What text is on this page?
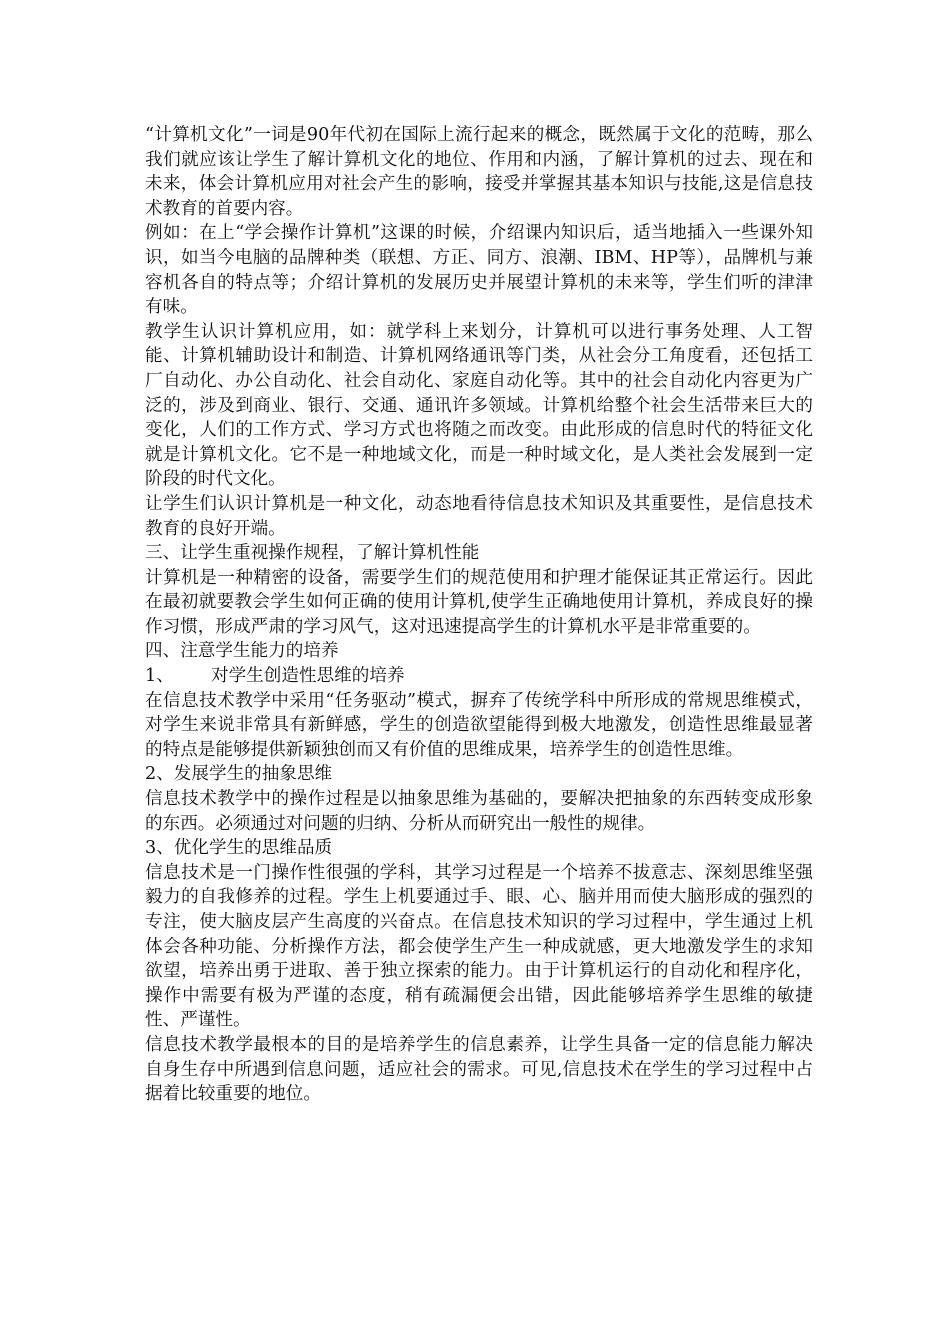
“计算机文化”一词是90年代初在国际上流行起来的概念，既然属于文化的范畴，那么我们就应该让学生了解计算机文化的地位、作用和内涵，了解计算机的过去、现在和未来，体会计算机应用对社会产生的影响，接受并掌握其基本知识与技能,这是信息技术教育的首要内容。

例如：在上“学会操作计算机”这课的时候，介绍课内知识后，适当地插入一些课外知识，如当今电脑的品牌种类（联想、方正、同方、浪潮、IBM、HP等），品牌机与兼容机各自的特点等；介绍计算机的发展历史并展望计算机的未来等，学生们听的津津有味。

教学生认识计算机应用，如：就学科上来划分，计算机可以进行事务处理、人工智能、计算机辅助设计和制造、计算机网络通讯等门类，从社会分工角度看，还包括工厂自动化、办公自动化、社会自动化、家庭自动化等。其中的社会自动化内容更为广泛的，涉及到商业、银行、交通、通讯许多领域。计算机给整个社会生活带来巨大的变化，人们的工作方式、学习方式也将随之而改变。由此形成的信息时代的特征文化就是计算机文化。它不是一种地域文化，而是一种时域文化，是人类社会发展到一定阶段的时代文化。

让学生们认识计算机是一种文化，动态地看待信息技术知识及其重要性，是信息技术教育的良好开端。

三、让学生重视操作规程，了解计算机性能

计算机是一种精密的设备，需要学生们的规范使用和护理才能保证其正常运行。因此在最初就要教会学生如何正确的使用计算机,使学生正确地使用计算机，养成良好的操作习惯，形成严肃的学习风气，这对迅速提高学生的计算机水平是非常重要的。

四、注意学生能力的培养

1、 对学生创造性思维的培养

在信息技术教学中采用“任务驱动”模式，摒弃了传统学科中所形成的常规思维模式，对学生来说非常具有新鲜感，学生的创造欲望能得到极大地激发，创造性思维最显著的特点是能够提供新颖独创而又有价值的思维成果，培养学生的创造性思维。

2、发展学生的抽象思维

信息技术教学中的操作过程是以抽象思维为基础的，要解决把抽象的东西转变成形象的东西。必须通过对问题的归纳、分析从而研究出一般性的规律。

3、优化学生的思维品质

信息技术是一门操作性很强的学科，其学习过程是一个培养不拔意志、深刻思维坚强毅力的自我修养的过程。学生上机要通过手、眼、心、脑并用而使大脑形成的强烈的专注，使大脑皮层产生高度的兴奋点。在信息技术知识的学习过程中，学生通过上机体会各种功能、分析操作方法，都会使学生产生一种成就感，更大地激发学生的求知欲望，培养出勇于进取、善于独立探索的能力。由于计算机运行的自动化和程序化，操作中需要有极为严谨的态度，稍有疏漏便会出错，因此能够培养学生思维的敏捷性、严谨性。

信息技术教学最根本的目的是培养学生的信息素养，让学生具备一定的信息能力解决自身生存中所遇到信息问题，适应社会的需求。可见,信息技术在学生的学习过程中占据着比较重要的地位。
